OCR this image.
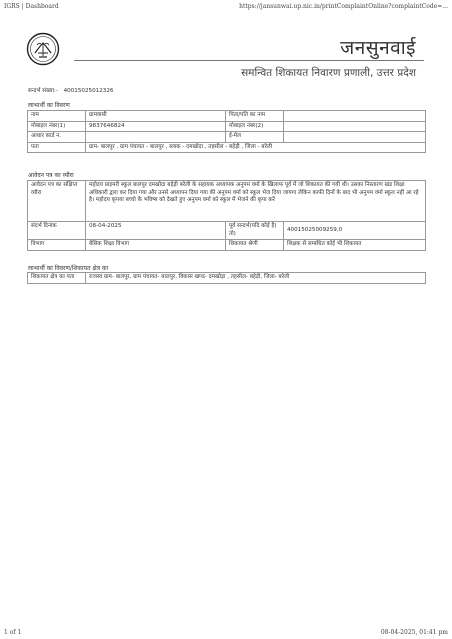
IGRS | Dashboard	https://jansunwai.up.nic.in/printComplaintOnline?complaintCode=...
जनसुनवाई
समन्वित शिकायत निवारण प्रणाली, उत्तर प्रदेश
सन्दर्भ संख्या:- 40015025012326
लाभार्थी का विवरण
नाम	ग्रामवासी	पिता/पति का नाम	
मोबाइल नंबर(1)	9837646824	मोबाइल नंबर(2)	
आधार कार्ड न.		ई-मेल	
पता	ग्राम- बालपुर , ग्राम पंचायत - बालपुर , ब्लाक - दमखोदा , तहसील - बहेड़ी , जिला - बरेली		
आवेदन पत्र का व्यौरा
आवेदन पत्र का संक्षिप्त व्यौरा	महोदय प्राइमरी स्कूल बालपुर दमखोदा बहेड़ी बरेली के सहायक अध्यापक अनुपम वर्मा के खिलाफ पूर्व में जो शिकायत की गयी थी। उसका निस्तारण खंड शिक्षा अधिकारी द्वारा कर दिया गया और उनसे अध्यापन दिया गया की अनुपम वर्मा को स्कूल भेज दिया जायगा लेकिन काफी दिनों के बाद भी अनुपम वर्मा स्कूल नहीं आ रहे है। महोदय कृपया बच्चो के भविष्य को देखते हुए अनुपम वर्मा को स्कूल में भेजने की कृपा करें		
संदर्भ दिनांक	08-04-2025	पूर्व सन्दर्भ(यदि कोई है) तो)	40015025009259,0
विभाग	बेसिक शिक्षा विभाग	शिकायत श्रेणी	शिक्षक से सम्बंधित कोई भी शिकायत
लाभार्थी का विवरण/शिकायत क्षेत्र का
शिकायत क्षेत्र का पता	राजस्व ग्राम- बालपुर, ग्राम पंचायत- बालपुर, विकास खण्ड- दमखोड़ा , तहसील- बहेड़ी, जिला- बरेली
1 of 1	08-04-2025, 01:41 pm
